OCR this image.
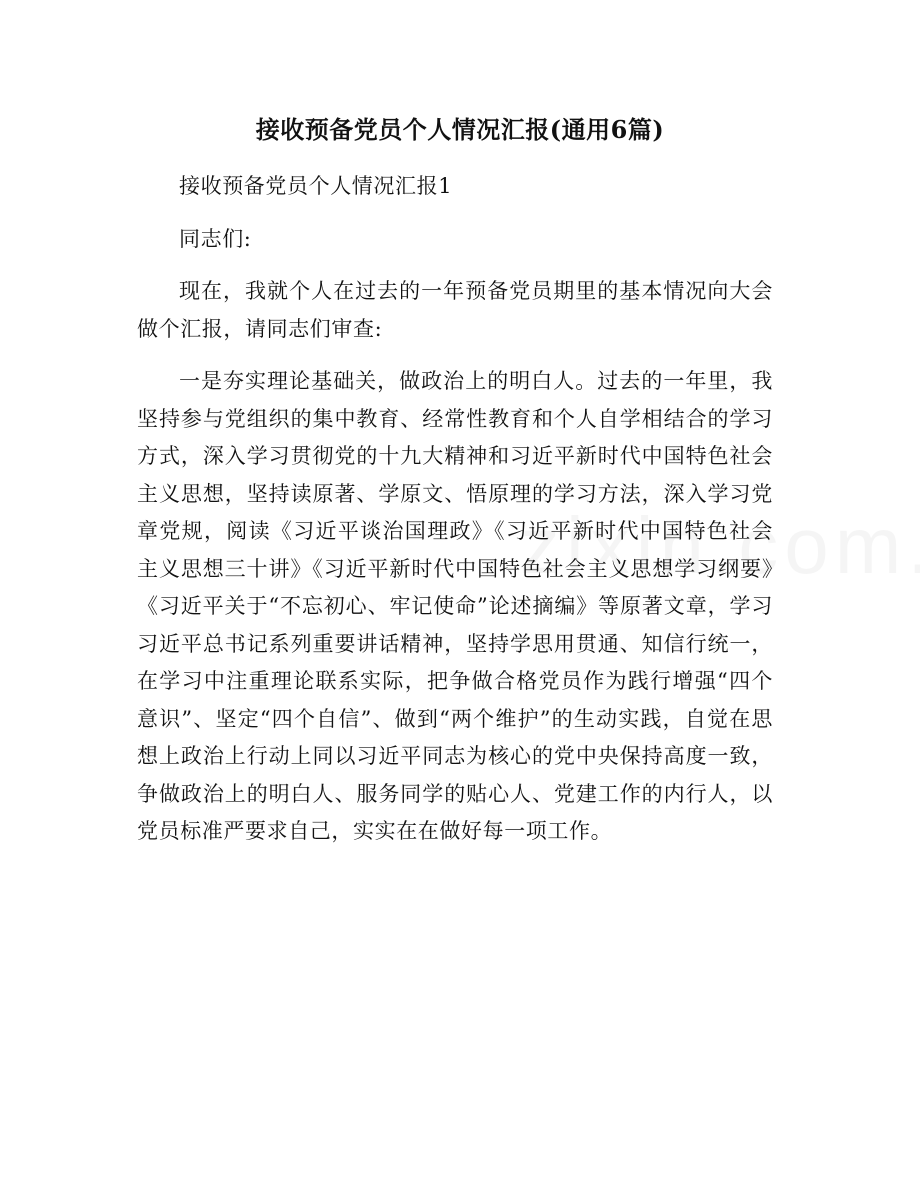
接收预备党员个人情况汇报(通用6篇)

接收预备党员个人情况汇报1

同志们:

现在，我就个人在过去的一年预备党员期里的基本情况向大会做个汇报，请同志们审查:

一是夯实理论基础关，做政治上的明白人。过去的一年里，我坚持参与党组织的集中教育、经常性教育和个人自学相结合的学习方式，深入学习贯彻党的十九大精神和习近平新时代中国特色社会主义思想，坚持读原著、学原文、悟原理的学习方法，深入学习党章党规，阅读《习近平谈治国理政》《习近平新时代中国特色社会主义思想三十讲》《习近平新时代中国特色社会主义思想学习纲要》《习近平关于“不忘初心、牢记使命”论述摘编》等原著文章，学习习近平总书记系列重要讲话精神，坚持学思用贯通、知信行统一，在学习中注重理论联系实际，把争做合格党员作为践行增强“四个意识”、坚定“四个自信”、做到“两个维护”的生动实践，自觉在思想上政治上行动上同以习近平同志为核心的党中央保持高度一致，争做政治上的明白人、服务同学的贴心人、党建工作的内行人，以党员标准严要求自己，实实在在做好每一项工作。
